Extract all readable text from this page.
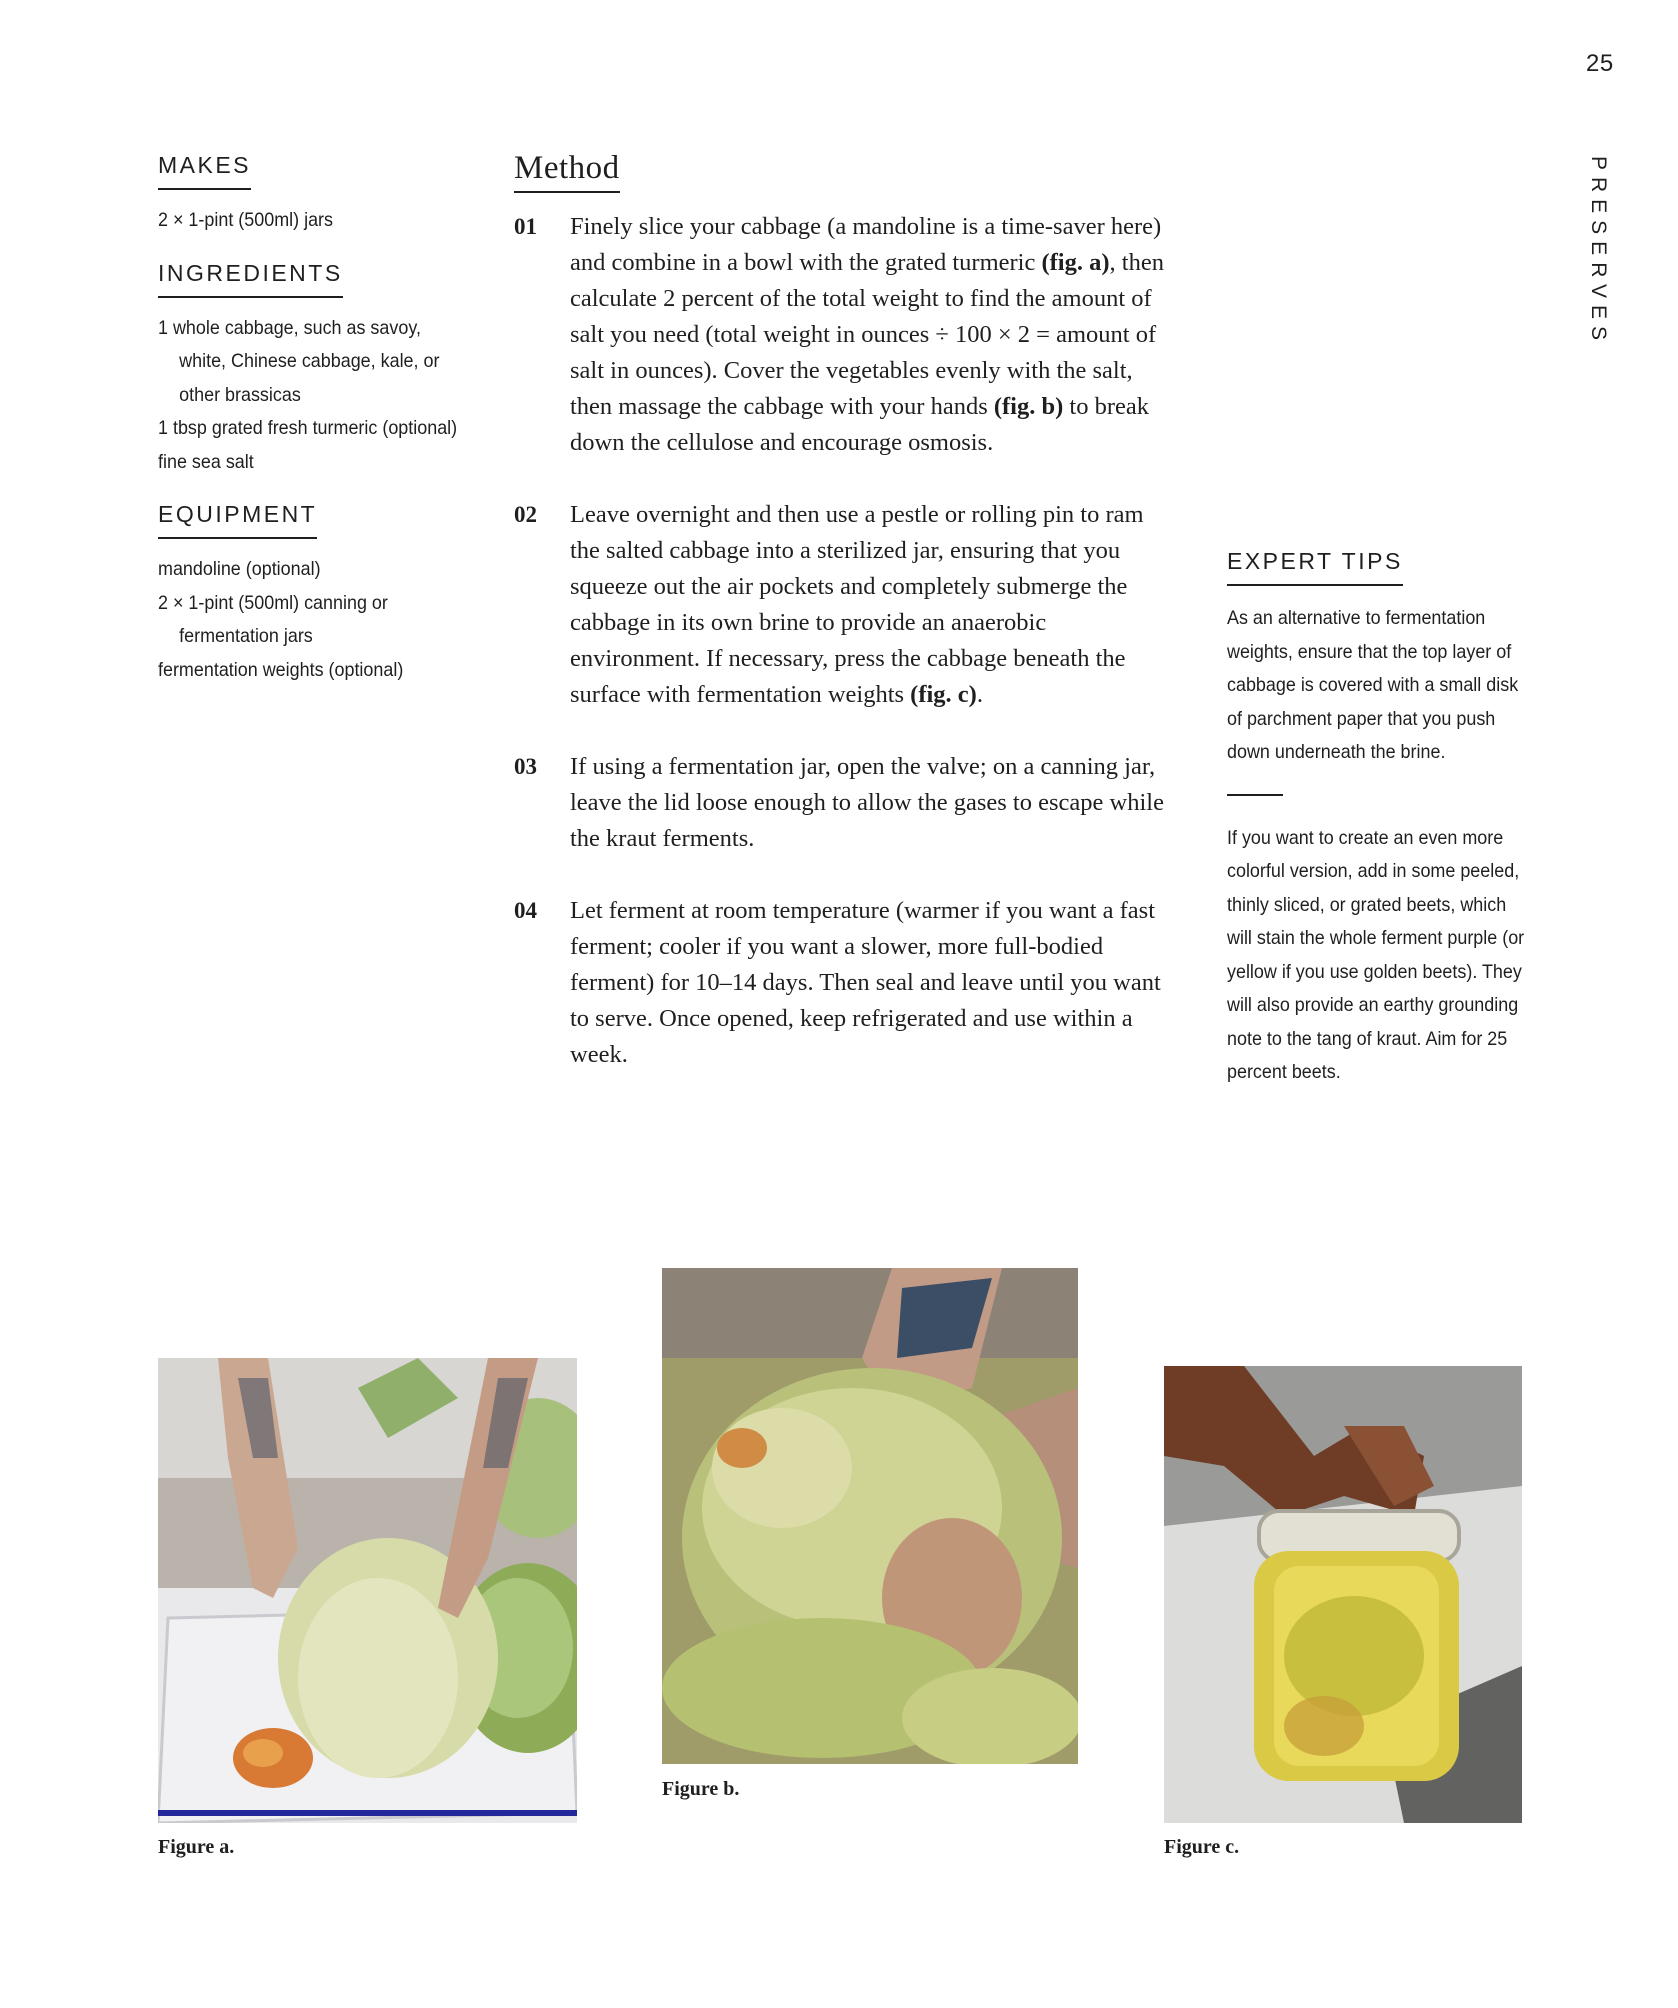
25
PRESERVES
MAKES
2 × 1-pint (500ml) jars
INGREDIENTS
1 whole cabbage, such as savoy, white, Chinese cabbage, kale, or other brassicas
1 tbsp grated fresh turmeric (optional)
fine sea salt
EQUIPMENT
mandoline (optional)
2 × 1-pint (500ml) canning or fermentation jars
fermentation weights (optional)
Method
01	Finely slice your cabbage (a mandoline is a time-saver here) and combine in a bowl with the grated turmeric (fig. a), then calculate 2 percent of the total weight to find the amount of salt you need (total weight in ounces ÷ 100 × 2 = amount of salt in ounces). Cover the vegetables evenly with the salt, then massage the cabbage with your hands (fig. b) to break down the cellulose and encourage osmosis.

02	Leave overnight and then use a pestle or rolling pin to ram the salted cabbage into a sterilized jar, ensuring that you squeeze out the air pockets and completely submerge the cabbage in its own brine to provide an anaerobic environment. If necessary, press the cabbage beneath the surface with fermentation weights (fig. c).

03	If using a fermentation jar, open the valve; on a canning jar, leave the lid loose enough to allow the gases to escape while the kraut ferments.

04	Let ferment at room temperature (warmer if you want a fast ferment; cooler if you want a slower, more full-bodied ferment) for 10–14 days. Then seal and leave until you want to serve. Once opened, keep refrigerated and use within a week.

EXPERT TIPS

As an alternative to fermentation weights, ensure that the top layer of cabbage is covered with a small disk of parchment paper that you push down underneath the brine.

If you want to create an even more colorful version, add in some peeled, thinly sliced, or grated beets, which will stain the whole ferment purple (or yellow if you use golden beets). They will also provide an earthy grounding note to the tang of kraut. Aim for 25 percent beets.

Figure a.
Figure b.
Figure c.
